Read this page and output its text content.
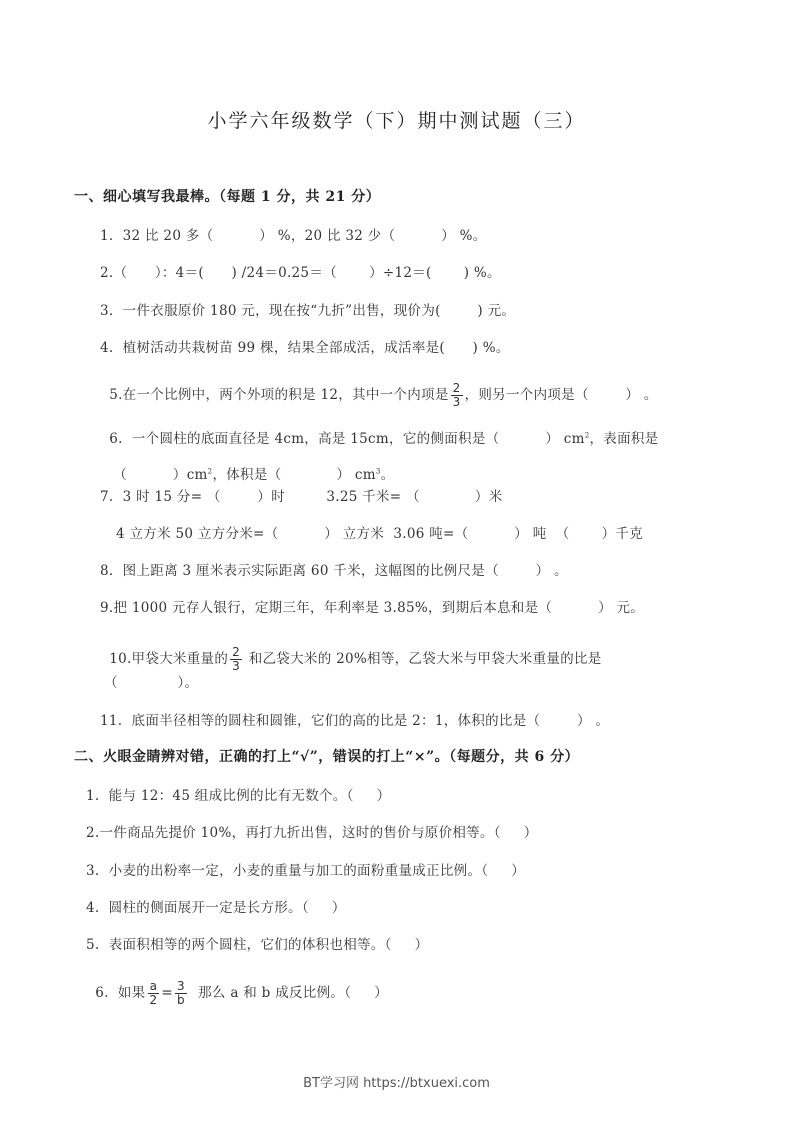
小学六年级数学（下）期中测试题（三）
一、细心填写我最棒。（每题 1 分，共 21 分）
1.  32 比 20 多（          ） %，20 比 32 少（          ） %。
2.（      ）：4＝(      ) /24＝0.25＝（       ）÷12＝(       ) %。
3.  一件衣服原价 180 元，现在按“九折”出售，现价为(        ) 元。
4.  植树活动共栽树苗 99 棵，结果全部成活，成活率是(      ) %。

5.在一个比例中，两个外项的积是 12，其中一个内项是 $\frac{2}{3}$ ，则另一个内项是（        ） 。

6.  一个圆柱的底面直径是 4cm，高是 15cm，它的侧面积是（          ） $cm^2$，表面积是

（          ）$cm^2$，体积是（            ） $cm^3$。

7.  3 时 15 分= （        ）时         3.25 千米= （            ）米
4 立方米 50 立方分米=（          ） 立方米  3.06 吨=（          ） 吨  （       ）千克
8.  图上距离 3 厘米表示实际距离 60 千米，这幅图的比例尺是（        ） 。
9.把 1000 元存人银行，定期三年，年利率是 3.85%，到期后本息和是（          ） 元。

10.甲袋大米重量的 $\frac{2}{3}$ 和乙袋大米的 20%相等，乙袋大米与甲袋大米重量的比是

（             ）。
11.  底面半径相等的圆柱和圆锥，它们的高的比是 2：1，体积的比是（        ） 。
二、火眼金睛辨对错，正确的打上“√”，错误的打上“×”。（每题分，共 6 分）
1.  能与 12：45 组成比例的比有无数个。（     ）
2.一件商品先提价 10%，再打九折出售，这时的售价与原价相等。（     ）
3.  小麦的出粉率一定，小麦的重量与加工的面粉重量成正比例。（     ）
4.  圆柱的侧面展开一定是长方形。（     ）
5.  表面积相等的两个圆柱，它们的体积也相等。（     ）

6.  如果 $\frac{a}{2} = \frac{3}{b}$ 那么 a 和 b 成反比例。（     ）

BT学习网 https://btxuexi.com
